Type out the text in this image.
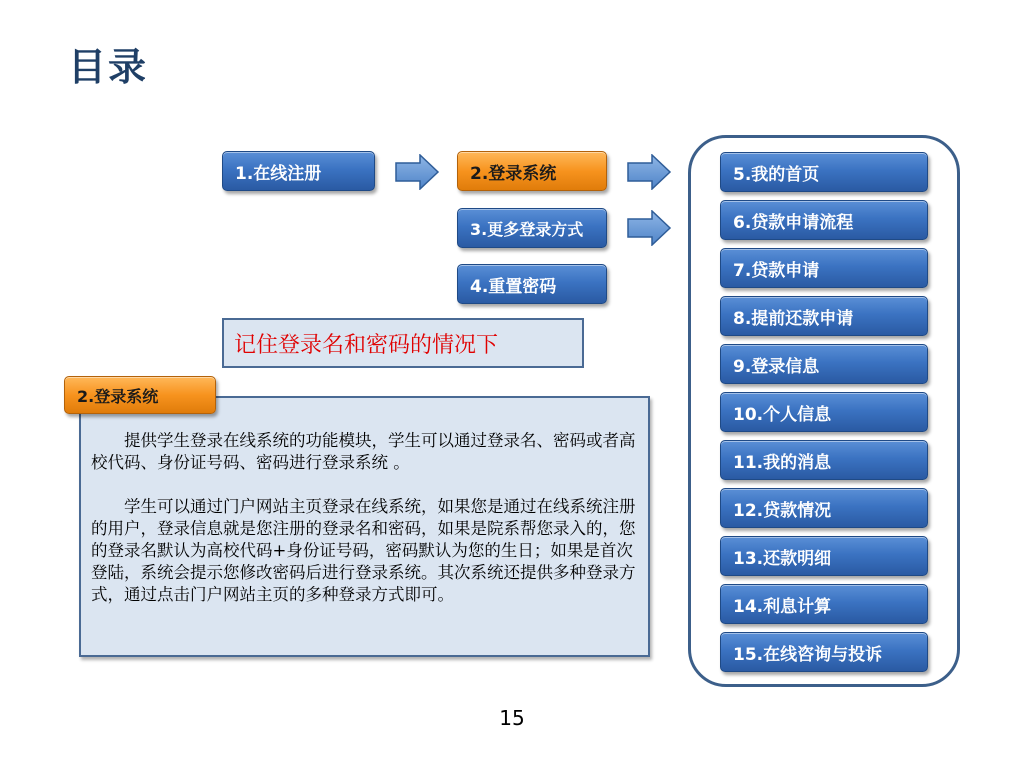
目录
1.在线注册	2.登录系统
3.更多登录方式
4.重置密码
5.我的首页
6.贷款申请流程
7.贷款申请
8.提前还款申请
9.登录信息
10.个人信息
11.我的消息
12.贷款情况
13.还款明细
14.利息计算
15.在线咨询与投诉
记住登录名和密码的情况下

提供学生登录在线系统的功能模块，学生可以通过登录名、密码或者高校代码、身份证号码、密码进行登录系统 。

学生可以通过门户网站主页登录在线系统，如果您是通过在线系统注册的用户，登录信息就是您注册的登录名和密码，如果是院系帮您录入的，您的登录名默认为高校代码+身份证号码，密码默认为您的生日；如果是首次登陆，系统会提示您修改密码后进行登录系统。其次系统还提供多种登录方式，通过点击门户网站主页的多种登录方式即可。

2.登录系统
15
